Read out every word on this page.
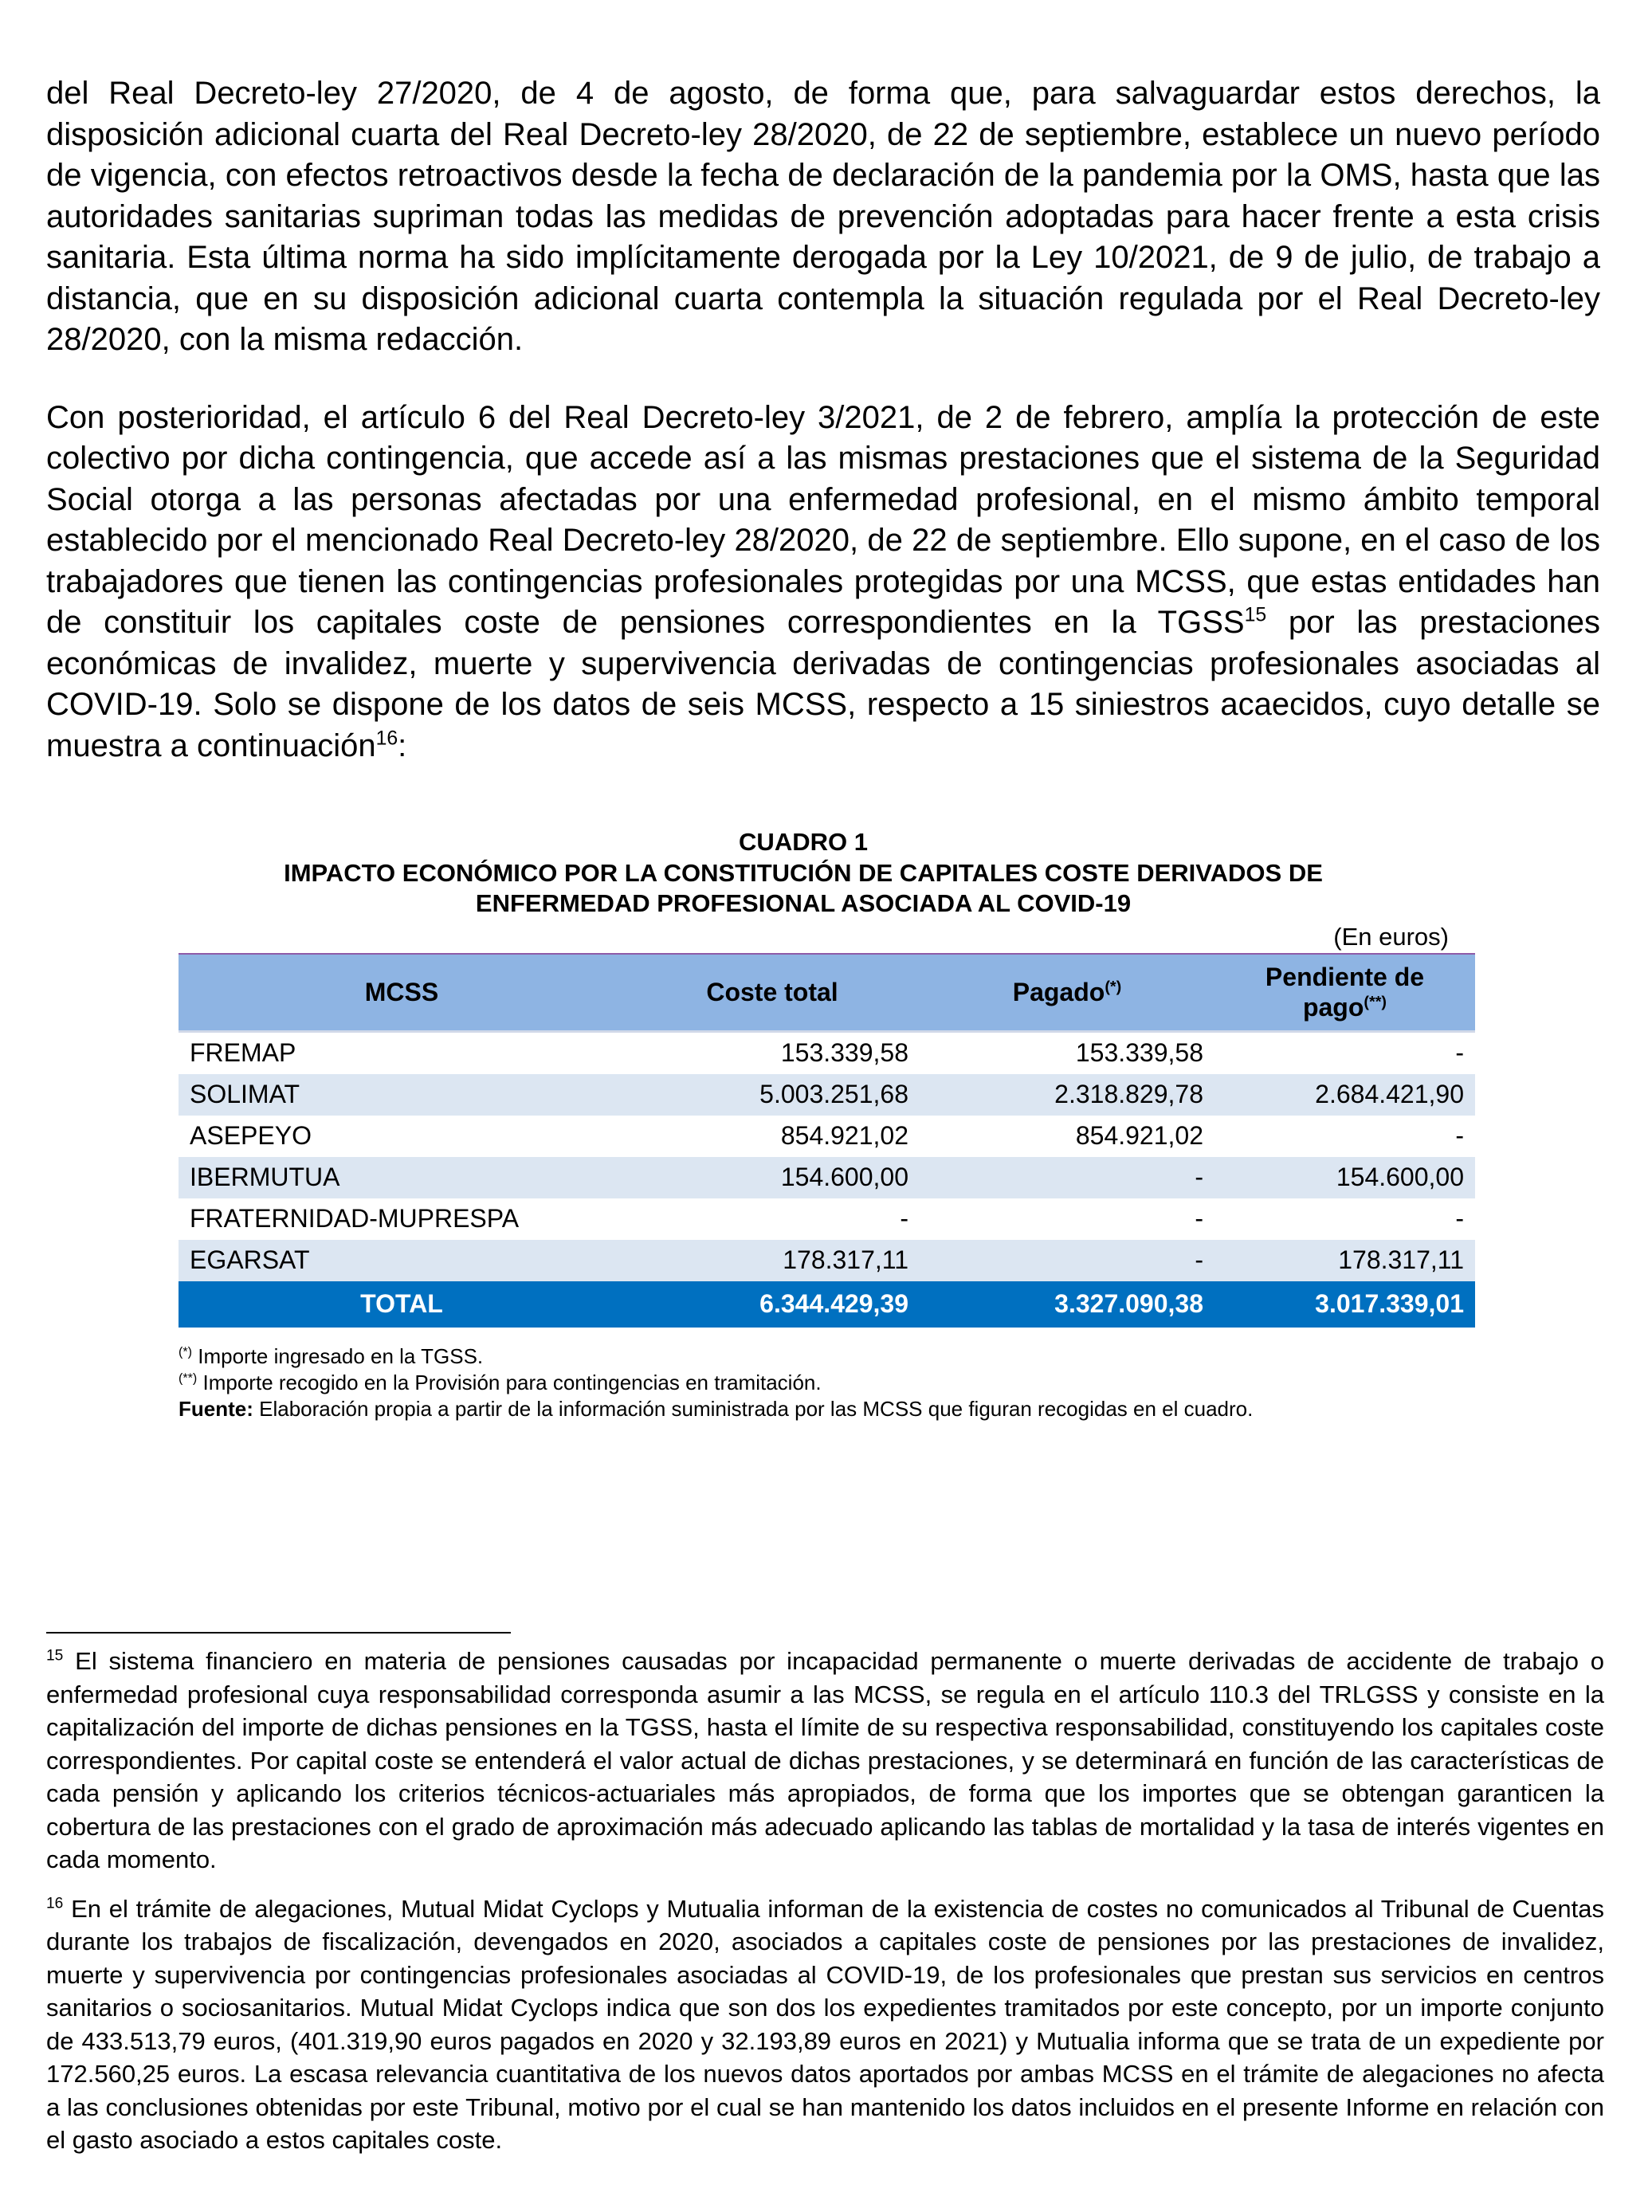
del Real Decreto-ley 27/2020, de 4 de agosto, de forma que, para salvaguardar estos derechos, la disposición adicional cuarta del Real Decreto-ley 28/2020, de 22 de septiembre, establece un nuevo período de vigencia, con efectos retroactivos desde la fecha de declaración de la pandemia por la OMS, hasta que las autoridades sanitarias supriman todas las medidas de prevención adoptadas para hacer frente a esta crisis sanitaria. Esta última norma ha sido implícitamente derogada por la Ley 10/2021, de 9 de julio, de trabajo a distancia, que en su disposición adicional cuarta contempla la situación regulada por el Real Decreto-ley 28/2020, con la misma redacción.

Con posterioridad, el artículo 6 del Real Decreto-ley 3/2021, de 2 de febrero, amplía la protección de este colectivo por dicha contingencia, que accede así a las mismas prestaciones que el sistema de la Seguridad Social otorga a las personas afectadas por una enfermedad profesional, en el mismo ámbito temporal establecido por el mencionado Real Decreto-ley 28/2020, de 22 de septiembre. Ello supone, en el caso de los trabajadores que tienen las contingencias profesionales protegidas por una MCSS, que estas entidades han de constituir los capitales coste de pensiones correspondientes en la TGSS$^{15}$ por las prestaciones económicas de invalidez, muerte y supervivencia derivadas de contingencias profesionales asociadas al COVID-19. Solo se dispone de los datos de seis MCSS, respecto a 15 siniestros acaecidos, cuyo detalle se muestra a continuación$^{16}$:

CUADRO 1

IMPACTO ECONÓMICO POR LA CONSTITUCIÓN DE CAPITALES COSTE DERIVADOS DE

ENFERMEDAD PROFESIONAL ASOCIADA AL COVID-19

(En euros)

MCSS	Coste total	Pagado(*)	Pendiente de
pago(**)
FREMAP	153.339,58	153.339,58	-
SOLIMAT	5.003.251,68	2.318.829,78	2.684.421,90
ASEPEYO	854.921,02	854.921,02	-
IBERMUTUA	154.600,00	-	154.600,00
FRATERNIDAD-MUPRESPA	-	-	-
EGARSAT	178.317,11	-	178.317,11
TOTAL	6.344.429,39	3.327.090,38	3.017.339,01

(*) Importe ingresado en la TGSS.

(**) Importe recogido en la Provisión para contingencias en tramitación.

Fuente: Elaboración propia a partir de la información suministrada por las MCSS que figuran recogidas en el cuadro.

$^{15}$ El sistema financiero en materia de pensiones causadas por incapacidad permanente o muerte derivadas de accidente de trabajo o enfermedad profesional cuya responsabilidad corresponda asumir a las MCSS, se regula en el artículo 110.3 del TRLGSS y consiste en la capitalización del importe de dichas pensiones en la TGSS, hasta el límite de su respectiva responsabilidad, constituyendo los capitales coste correspondientes. Por capital coste se entenderá el valor actual de dichas prestaciones, y se determinará en función de las características de cada pensión y aplicando los criterios técnicos-actuariales más apropiados, de forma que los importes que se obtengan garanticen la cobertura de las prestaciones con el grado de aproximación más adecuado aplicando las tablas de mortalidad y la tasa de interés vigentes en cada momento.

$^{16}$ En el trámite de alegaciones, Mutual Midat Cyclops y Mutualia informan de la existencia de costes no comunicados al Tribunal de Cuentas durante los trabajos de fiscalización, devengados en 2020, asociados a capitales coste de pensiones por las prestaciones de invalidez, muerte y supervivencia por contingencias profesionales asociadas al COVID-19, de los profesionales que prestan sus servicios en centros sanitarios o sociosanitarios. Mutual Midat Cyclops indica que son dos los expedientes tramitados por este concepto, por un importe conjunto de 433.513,79 euros, (401.319,90 euros pagados en 2020 y 32.193,89 euros en 2021) y Mutualia informa que se trata de un expediente por 172.560,25 euros. La escasa relevancia cuantitativa de los nuevos datos aportados por ambas MCSS en el trámite de alegaciones no afecta a las conclusiones obtenidas por este Tribunal, motivo por el cual se han mantenido los datos incluidos en el presente Informe en relación con el gasto asociado a estos capitales coste.
